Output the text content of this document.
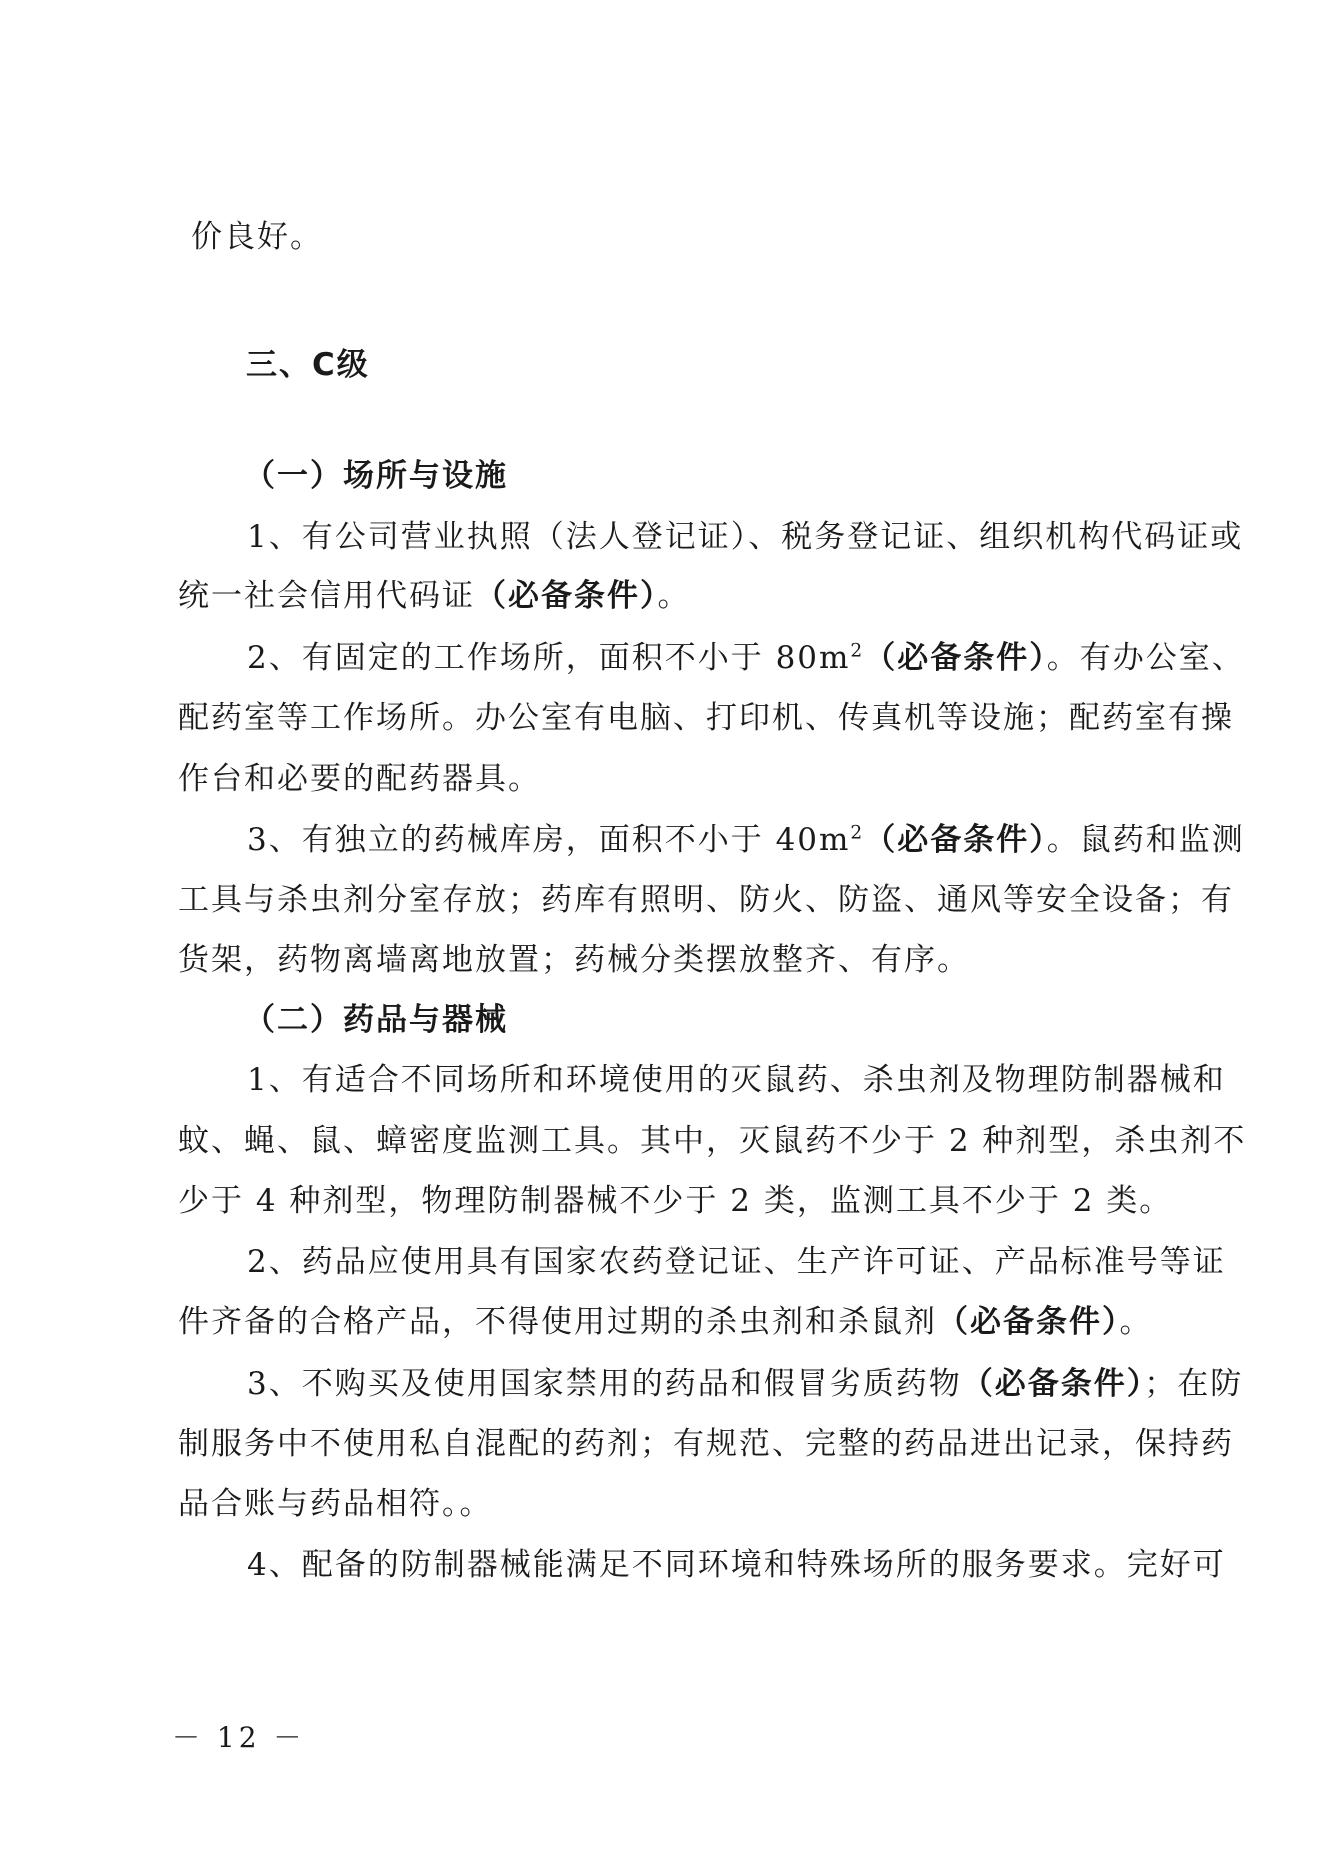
价良好。
三、C级
（一）场所与设施
1、有公司营业执照（法人登记证）、税务登记证、组织机构代码证或
统一社会信用代码证（必备条件）。
2、有固定的工作场所，面积不小于 $80m^2$（必备条件）。有办公室、
配药室等工作场所。办公室有电脑、打印机、传真机等设施；配药室有操
作台和必要的配药器具。
3、有独立的药械库房，面积不小于 $40m^2$（必备条件）。鼠药和监测
工具与杀虫剂分室存放；药库有照明、防火、防盗、通风等安全设备；有
货架，药物离墙离地放置；药械分类摆放整齐、有序。
（二）药品与器械
1、有适合不同场所和环境使用的灭鼠药、杀虫剂及物理防制器械和
蚊、蝇、鼠、蟑密度监测工具。其中，灭鼠药不少于 2 种剂型，杀虫剂不
少于 4 种剂型，物理防制器械不少于 2 类，监测工具不少于 2 类。
2、药品应使用具有国家农药登记证、生产许可证、产品标准号等证
件齐备的合格产品，不得使用过期的杀虫剂和杀鼠剂（必备条件）。
3、不购买及使用国家禁用的药品和假冒劣质药物（必备条件）；在防
制服务中不使用私自混配的药剂；有规范、完整的药品进出记录，保持药
品合账与药品相符。。
4、配备的防制器械能满足不同环境和特殊场所的服务要求。完好可
－ 12 －
